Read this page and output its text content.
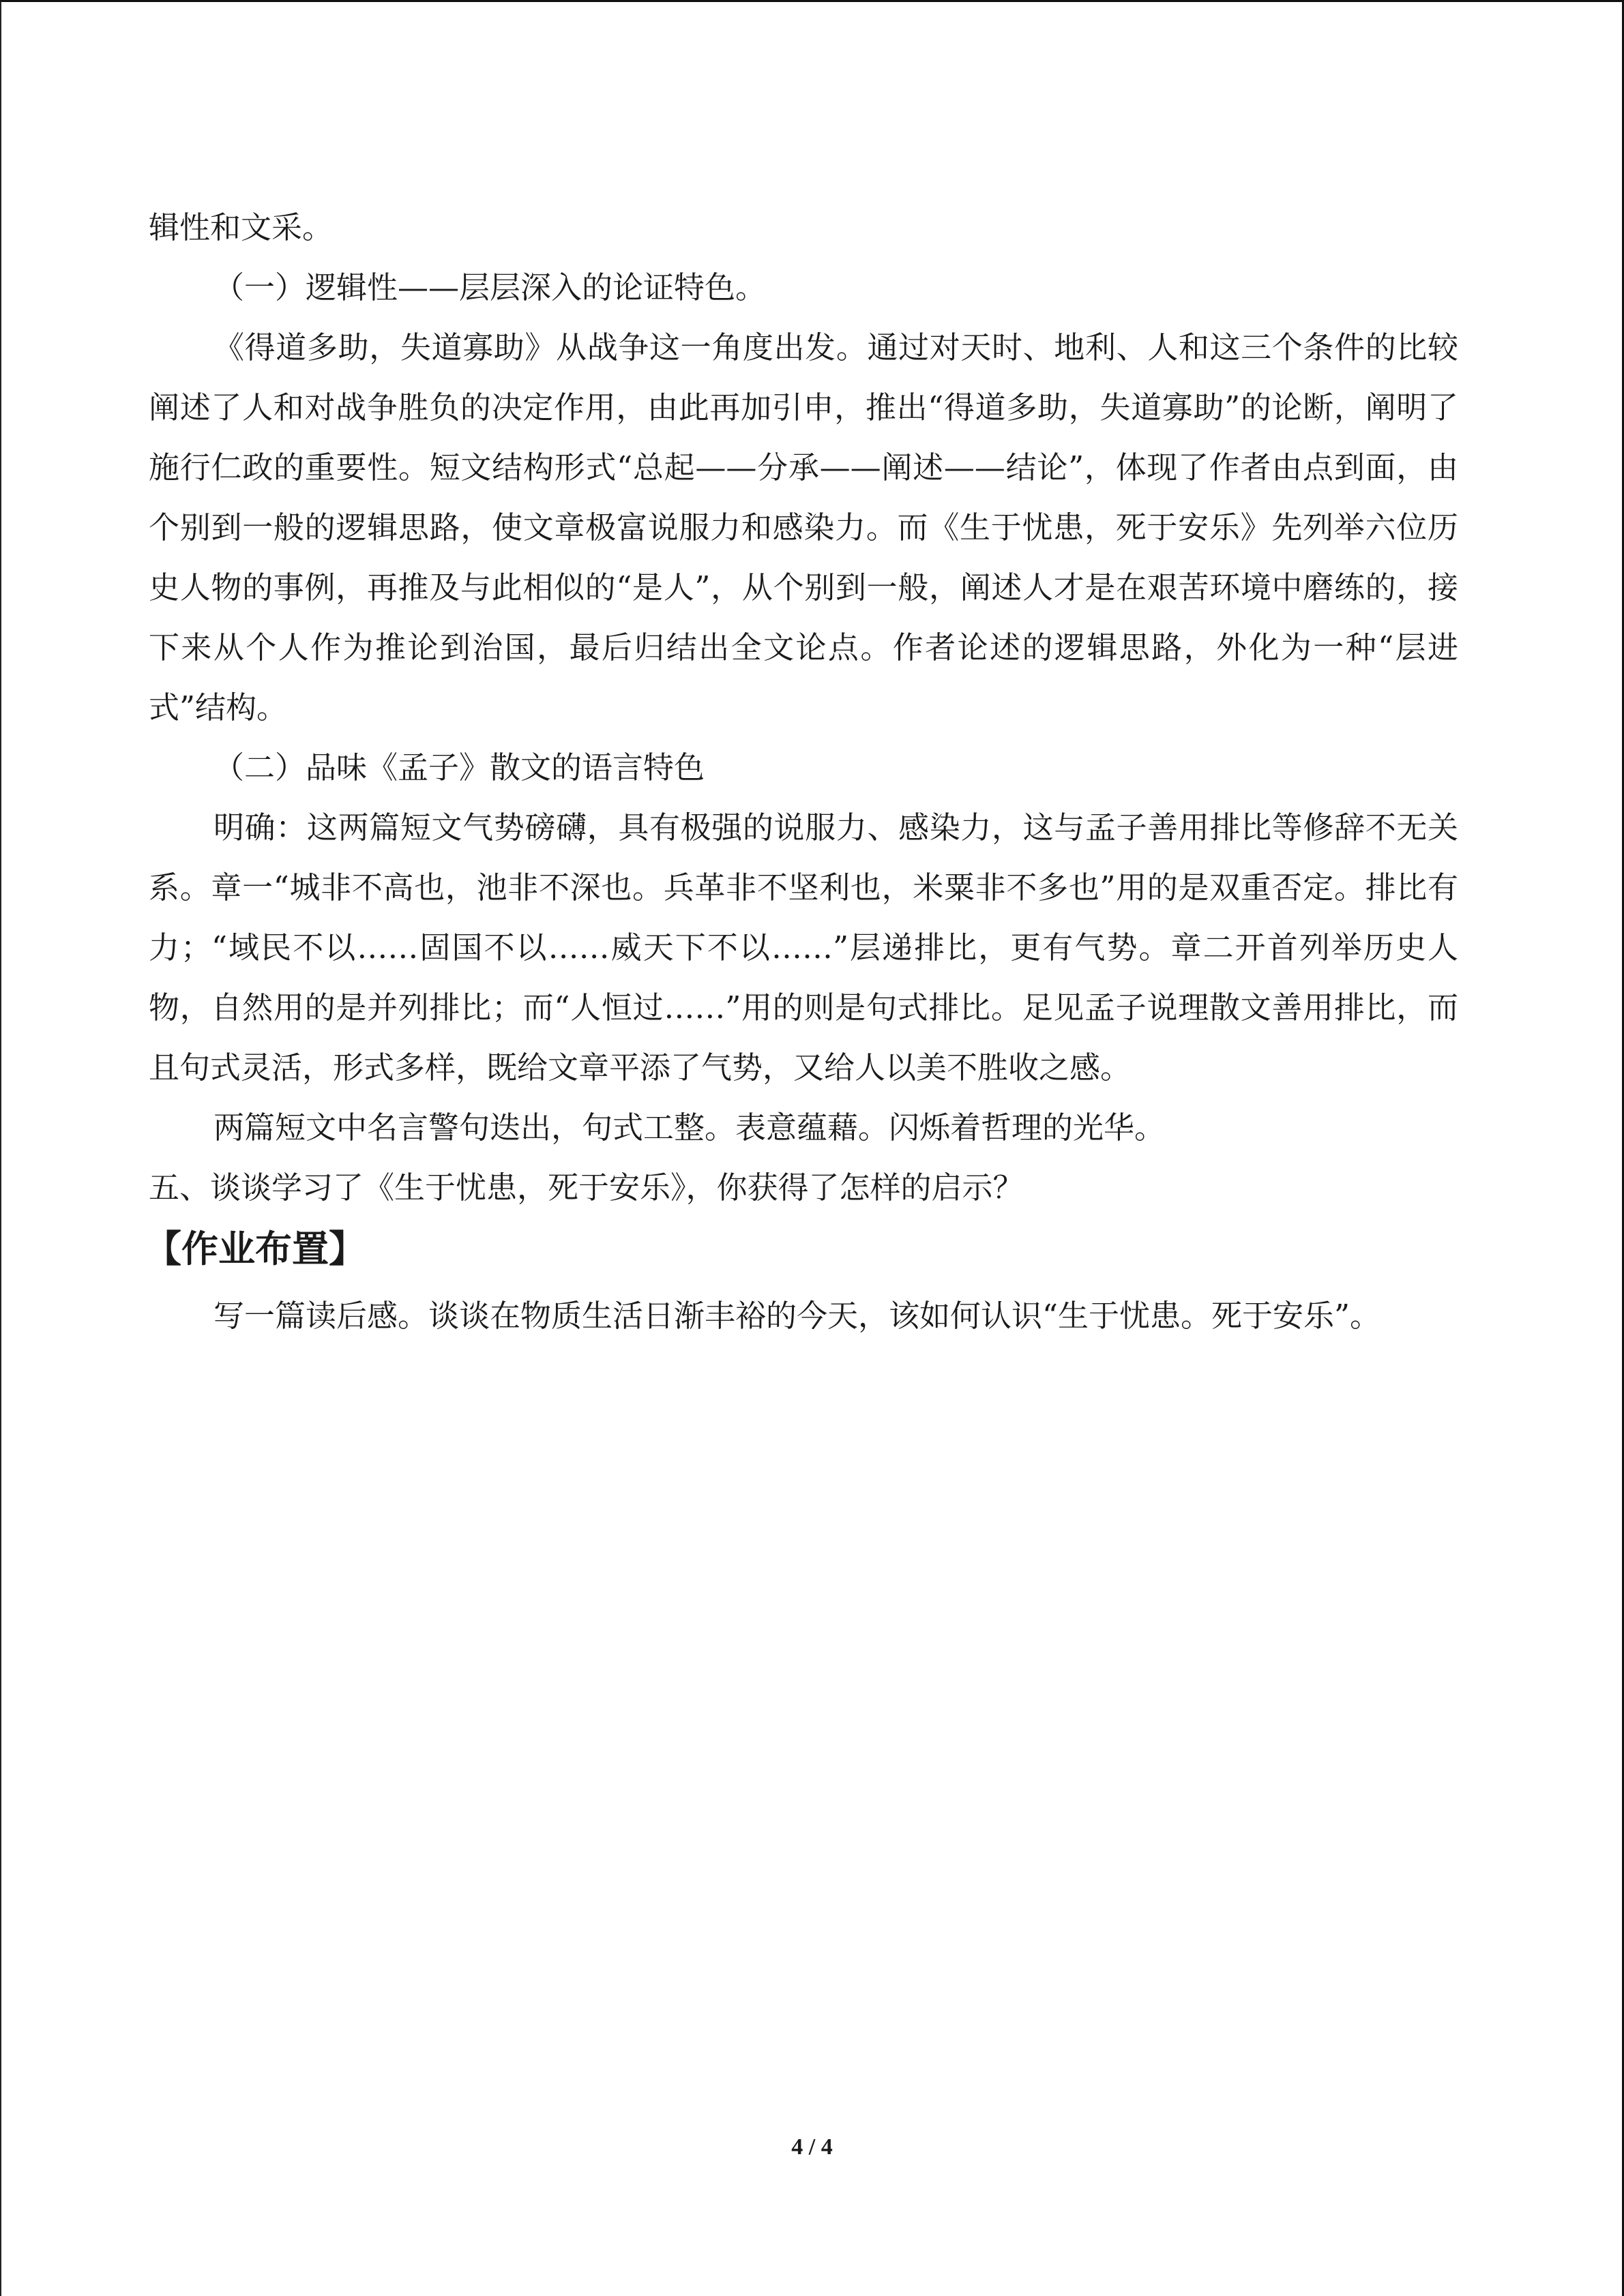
辑性和文采。

（一）逻辑性——层层深入的论证特色。

《得道多助，失道寡助》从战争这一角度出发。通过对天时、地利、人和这三个条件的比较阐述了人和对战争胜负的决定作用，由此再加引申，推出“得道多助，失道寡助”的论断，阐明了施行仁政的重要性。短文结构形式“总起——分承——阐述——结论”，体现了作者由点到面，由个别到一般的逻辑思路，使文章极富说服力和感染力。而《生于忧患，死于安乐》先列举六位历史人物的事例，再推及与此相似的“是人”，从个别到一般，阐述人才是在艰苦环境中磨练的，接下来从个人作为推论到治国，最后归结出全文论点。作者论述的逻辑思路，外化为一种“层进式”结构。

（二）品味《孟子》散文的语言特色

明确：这两篇短文气势磅礴，具有极强的说服力、感染力，这与孟子善用排比等修辞不无关系。章一“城非不高也，池非不深也。兵革非不坚利也，米粟非不多也”用的是双重否定。排比有力；“域民不以……固国不以……威天下不以……”层递排比，更有气势。章二开首列举历史人物，自然用的是并列排比；而“人恒过……”用的则是句式排比。足见孟子说理散文善用排比，而且句式灵活，形式多样，既给文章平添了气势，又给人以美不胜收之感。

两篇短文中名言警句迭出，句式工整。表意蕴藉。闪烁着哲理的光华。

五、谈谈学习了《生于忧患，死于安乐》，你获得了怎样的启示？

【作业布置】

写一篇读后感。谈谈在物质生活日渐丰裕的今天，该如何认识“生于忧患。死于安乐”。

4 / 4
